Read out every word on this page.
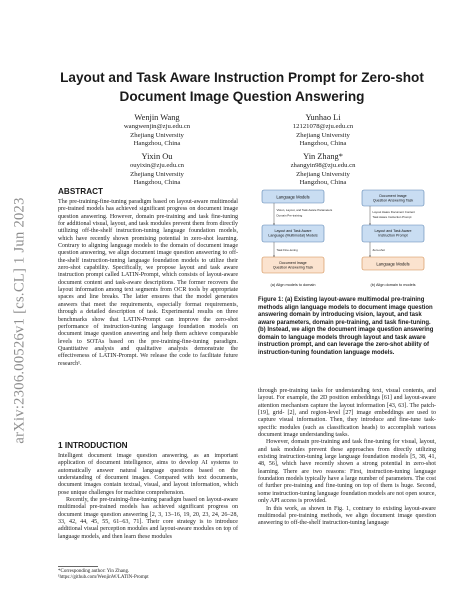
arXiv:2306.00526v1 [cs.CL] 1 Jun 2023
Layout and Task Aware Instruction Prompt for Zero-shot Document Image Question Answering
Wenjin Wang
wangwenjin@zju.edu.cn
Zhejiang University
Hangzhou, China
Yunhao Li
12121078@zju.edu.cn
Zhejiang University
Hangzhou, China
Yixin Ou
ouyixin@zju.edu.cn
Zhejiang University
Hangzhou, China
Yin Zhang*
zhangyin98@zju.edu.cn
Zhejiang University
Hangzhou, China
ABSTRACT

The pre-training-fine-tuning paradigm based on layout-aware multimodal pre-trained models has achieved significant progress on document image question answering. However, domain pre-training and task fine-tuning for additional visual, layout, and task modules prevent them from directly utilizing off-the-shelf instruction-tuning language foundation models, which have recently shown promising potential in zero-shot learning. Contrary to aligning language models to the domain of document image question answering, we align document image question answering to off-the-shelf instruction-tuning language foundation models to utilize their zero-shot capability. Specifically, we propose layout and task aware instruction prompt called LATIN-Prompt, which consists of layout-aware document content and task-aware descriptions. The former recovers the layout information among text segments from OCR tools by appropriate spaces and line breaks. The latter ensures that the model generates answers that meet the requirements, especially format requirements, through a detailed description of task. Experimental results on three benchmarks show that LATIN-Prompt can improve the zero-shot performance of instruction-tuning language foundation models on document image question answering and help them achieve comparable levels to SOTAs based on the pre-training-fine-tuning paradigm. Quantitative analysis and qualitative analysis demonstrate the effectiveness of LATIN-Prompt. We release the code to facilitate future research¹.

1 INTRODUCTION

Intelligent document image question answering, as an important application of document intelligence, aims to develop AI systems to automatically answer natural language questions based on the understanding of document images. Compared with text documents, document images contain textual, visual, and layout information, which pose unique challenges for machine comprehension.

Recently, the pre-training-fine-tuning paradigm based on layout-aware multimodal pre-trained models has achieved significant progress on document image question answering [2, 3, 13–16, 19, 20, 23, 24, 26–28, 33, 42, 44, 45, 55, 61–63, 71]. Their core strategy is to introduce additional visual perception modules and layout-aware modules on top of language models, and then learn these modules

*Corresponding author: Yin Zhang.
¹https://github.com/WenjinW/LATIN-Prompt
Language Models
Vision, Layout, and Task Aware Parameters
Domain Pre-training
Layout and Task Aware Language (Multimodal) Models
Task Fine-tuning
Document Image Question Answering Task
(a) Align models to domain
Document Image Question Answering Task
Layout Aware Document Content
Task Aware Instruction Prompt
Layout and Task Aware Instruction Prompt
Zero-shot
Language Models
(b) Align domain to models
Figure 1: (a) Existing layout-aware multimodal pre-training methods align language models to document image question answering domain by introducing vision, layout, and task aware parameters, domain pre-training, and task fine-tuning. (b) Instead, we align the document image question answering domain to language models through layout and task aware instruction prompt, and can leverage the zero-shot ability of instruction-tuning foundation language models.

through pre-training tasks for understanding text, visual contents, and layout. For example, the 2D position embeddings [61] and layout-aware attention mechanism capture the layout information [43, 63]. The patch- [19], grid- [2], and region-level [27] image embeddings are used to capture visual information. Then, they introduce and fine-tune task-specific modules (such as classification heads) to accomplish various document image understanding tasks.

However, domain pre-training and task fine-tuning for visual, layout, and task modules prevent these approaches from directly utilizing existing instruction-tuning large language foundation models [5, 38, 41, 48, 56], which have recently shown a strong potential in zero-shot learning. There are two reasons: First, instruction-tuning language foundation models typically have a large number of parameters. The cost of further pre-training and fine-tuning on top of them is huge. Second, some instruction-tuning language foundation models are not open source, only API access is provided.

In this work, as shown in Fig. 1, contrary to existing layout-aware multimodal pre-training methods, we align document image question answering to off-the-shelf instruction-tuning language
